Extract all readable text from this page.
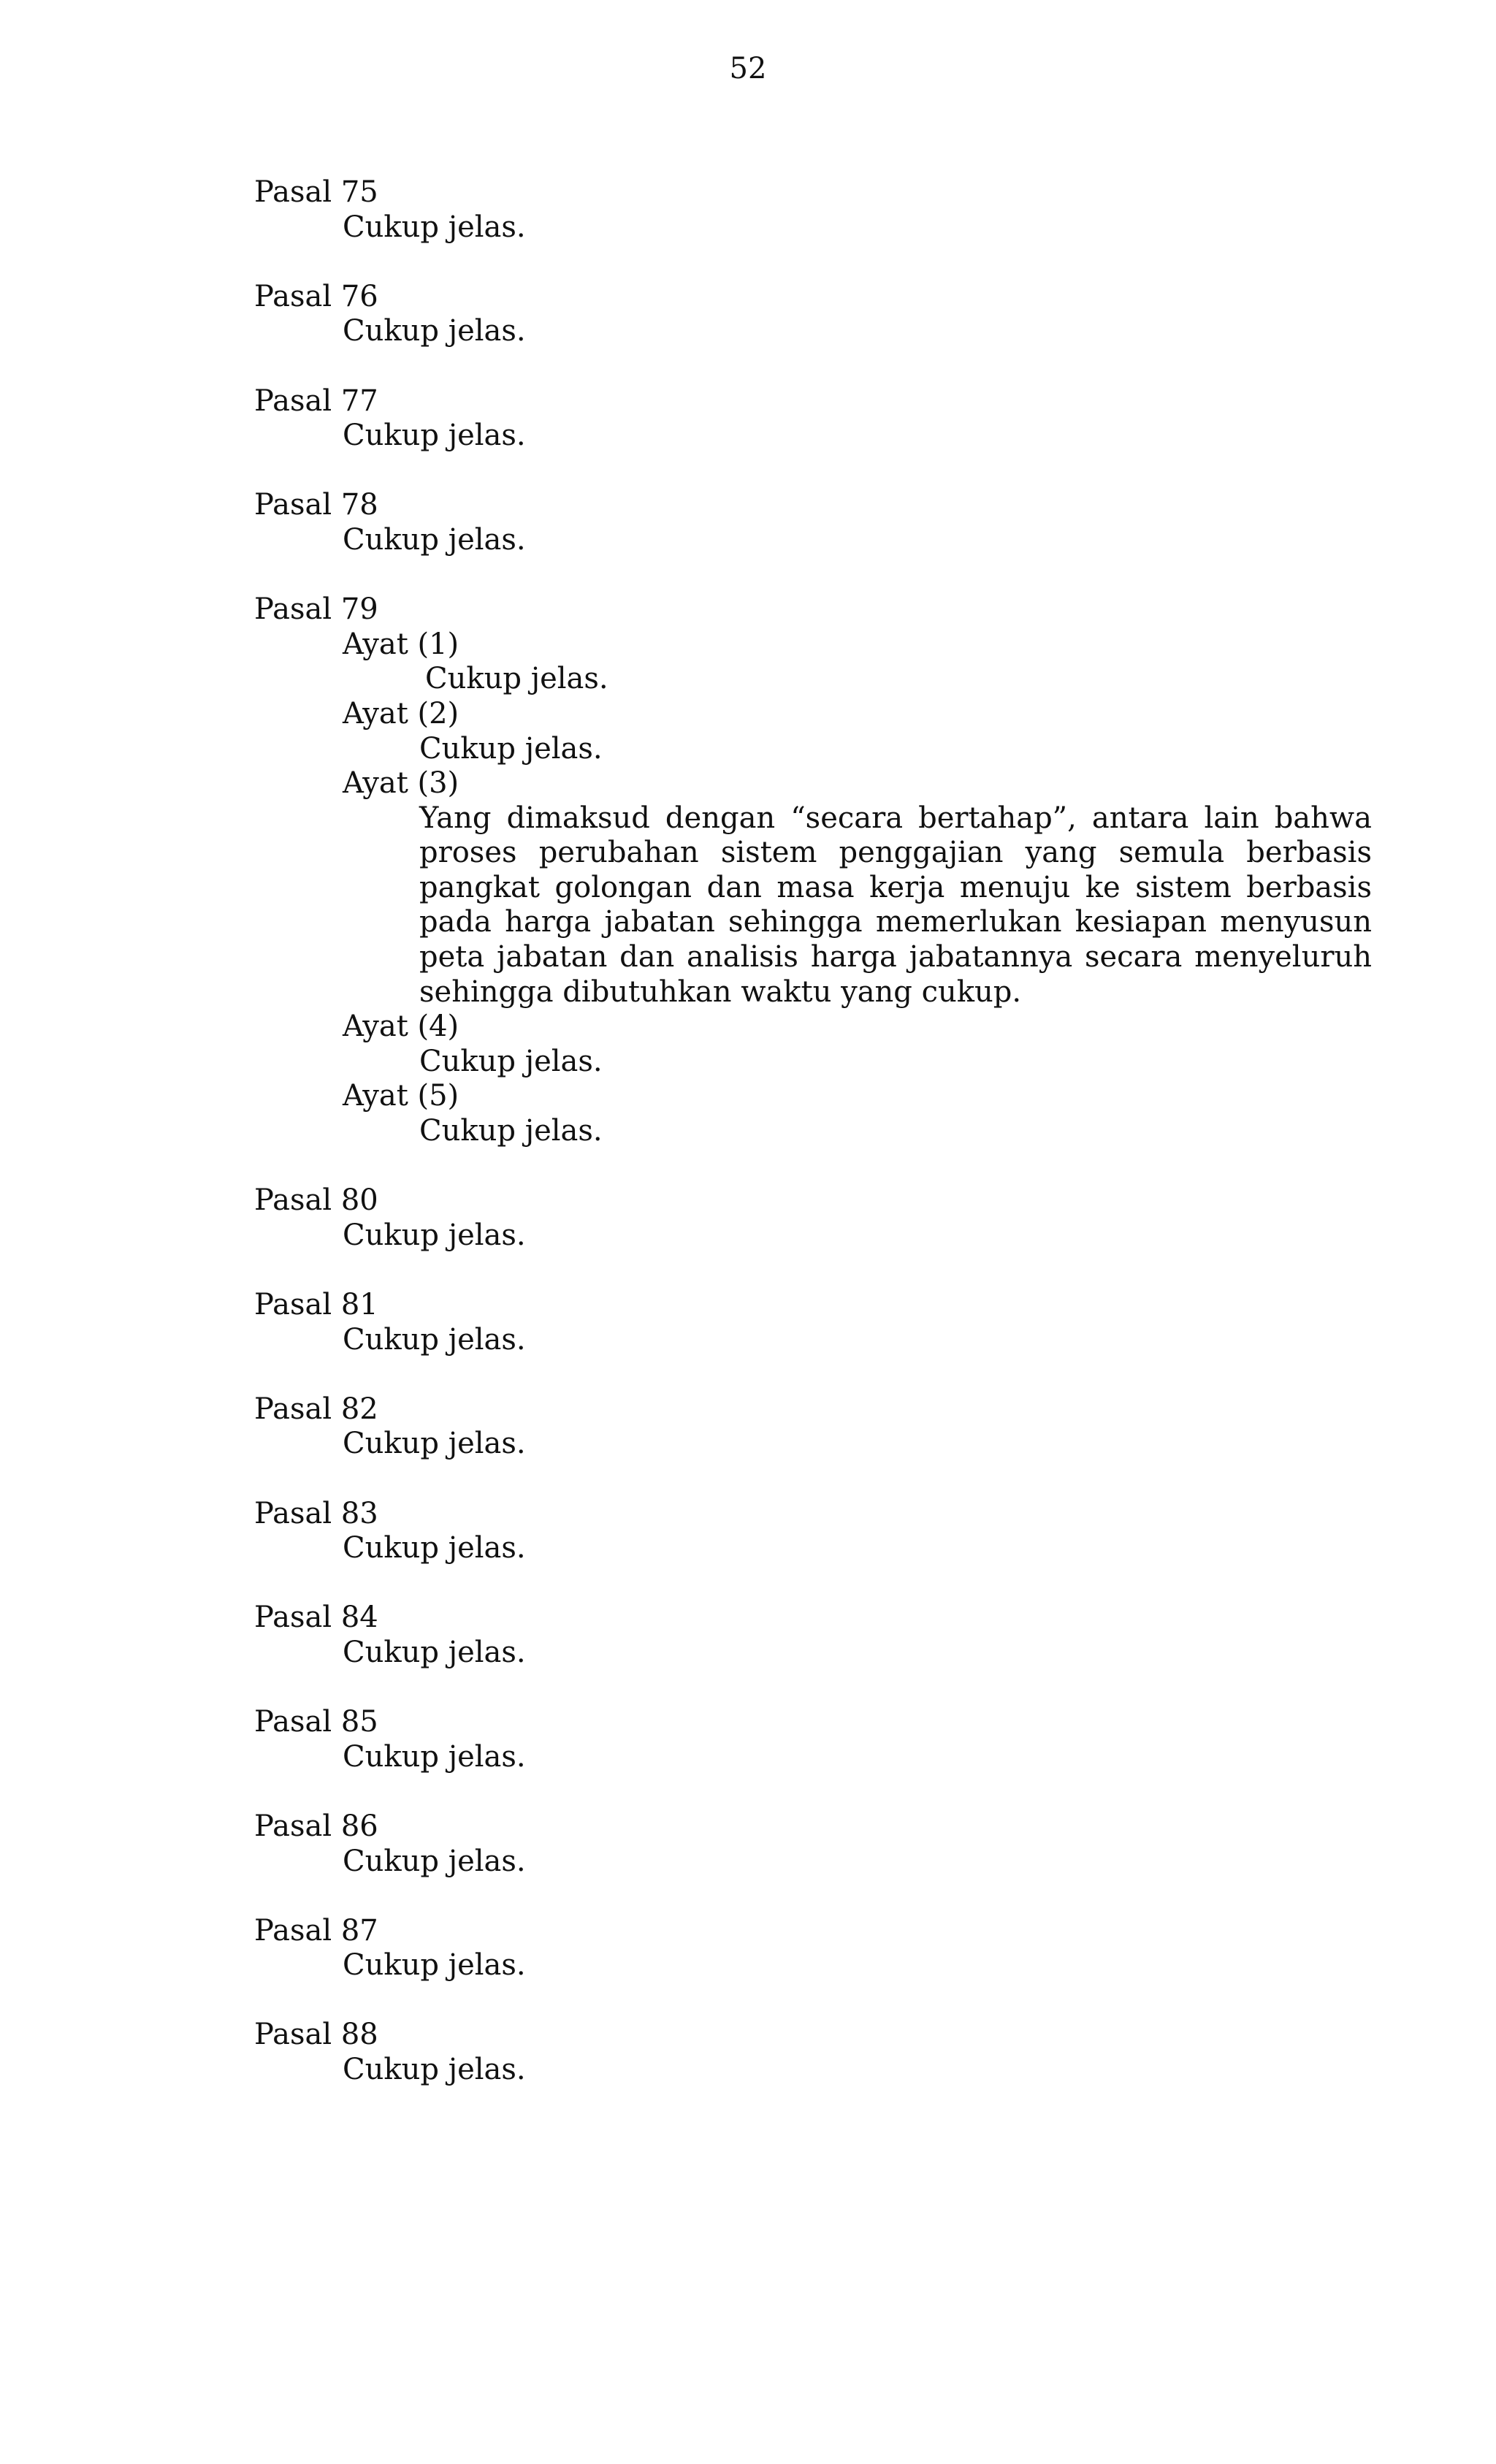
52

Pasal 75

Cukup jelas.

Pasal 76

Cukup jelas.

Pasal 77

Cukup jelas.

Pasal 78

Cukup jelas.

Pasal 79

Ayat (1)

Cukup jelas.

Ayat (2)

Cukup jelas.

Ayat (3)

Yang dimaksud dengan “secara bertahap”, antara lain bahwa proses perubahan sistem penggajian yang semula berbasis pangkat golongan dan masa kerja menuju ke sistem berbasis pada harga jabatan sehingga memerlukan kesiapan menyusun peta jabatan dan analisis harga jabatannya secara menyeluruh sehingga dibutuhkan waktu yang cukup.

Ayat (4)

Cukup jelas.

Ayat (5)

Cukup jelas.

Pasal 80

Cukup jelas.

Pasal 81

Cukup jelas.

Pasal 82

Cukup jelas.

Pasal 83

Cukup jelas.

Pasal 84

Cukup jelas.

Pasal 85

Cukup jelas.

Pasal 86

Cukup jelas.

Pasal 87

Cukup jelas.

Pasal 88

Cukup jelas.
